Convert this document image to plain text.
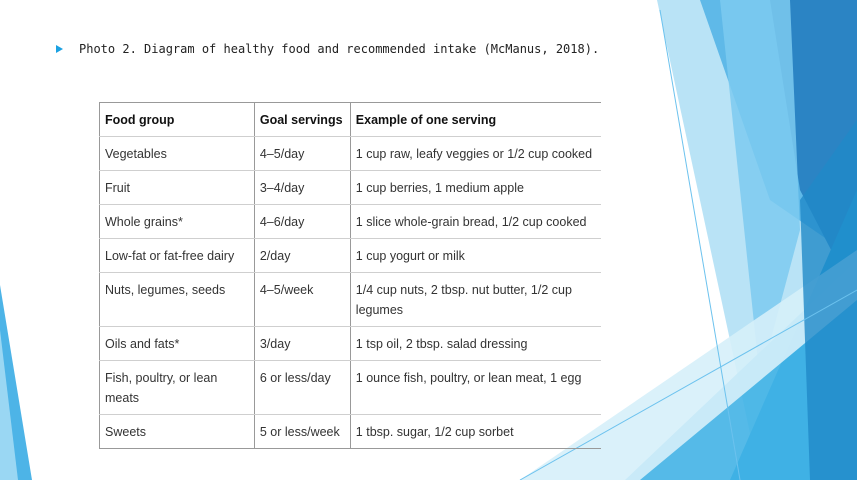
Photo 2. Diagram of healthy food and recommended intake (McManus, 2018).
Food group	Goal servings	Example of one serving
Vegetables	4–5/day	1 cup raw, leafy veggies or 1/2 cup cooked
Fruit	3–4/day	1 cup berries, 1 medium apple
Whole grains*	4–6/day	1 slice whole-grain bread, 1/2 cup cooked
Low-fat or fat-free dairy	2/day	1 cup yogurt or milk
Nuts, legumes, seeds	4–5/week	1/4 cup nuts, 2 tbsp. nut butter, 1/2 cup legumes
Oils and fats*	3/day	1 tsp oil, 2 tbsp. salad dressing
Fish, poultry, or lean meats	6 or less/day	1 ounce fish, poultry, or lean meat, 1 egg
Sweets	5 or less/week	1 tbsp. sugar, 1/2 cup sorbet
